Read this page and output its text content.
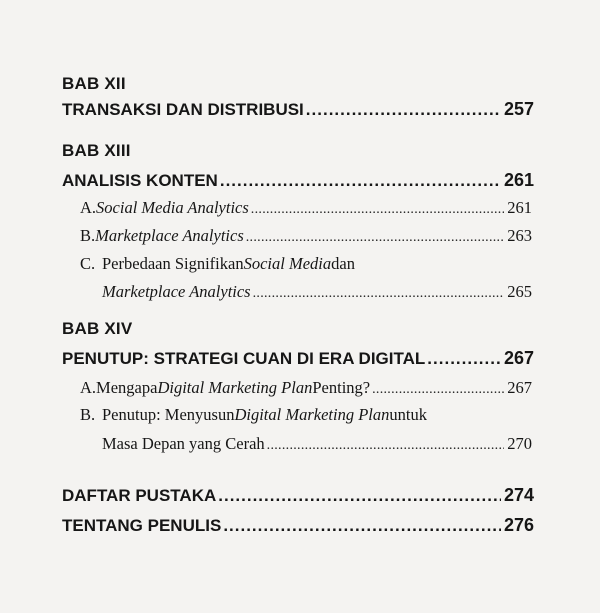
BAB XII
TRANSAKSI DAN DISTRIBUSI .....	257
BAB XIII
ANALISIS KONTEN .....	261
A. Social Media Analytics .....	261
B. Marketplace Analytics .....	263
C. Perbedaan Signifikan Social Media dan
Marketplace Analytics .....	265
BAB XIV
PENUTUP: STRATEGI CUAN DI ERA DIGITAL .....	267
A. Mengapa Digital Marketing Plan Penting? .....	267
B. Penutup: Menyusun Digital Marketing Plan untuk
Masa Depan yang Cerah .....	270
DAFTAR PUSTAKA .....	274
TENTANG PENULIS .....	276
